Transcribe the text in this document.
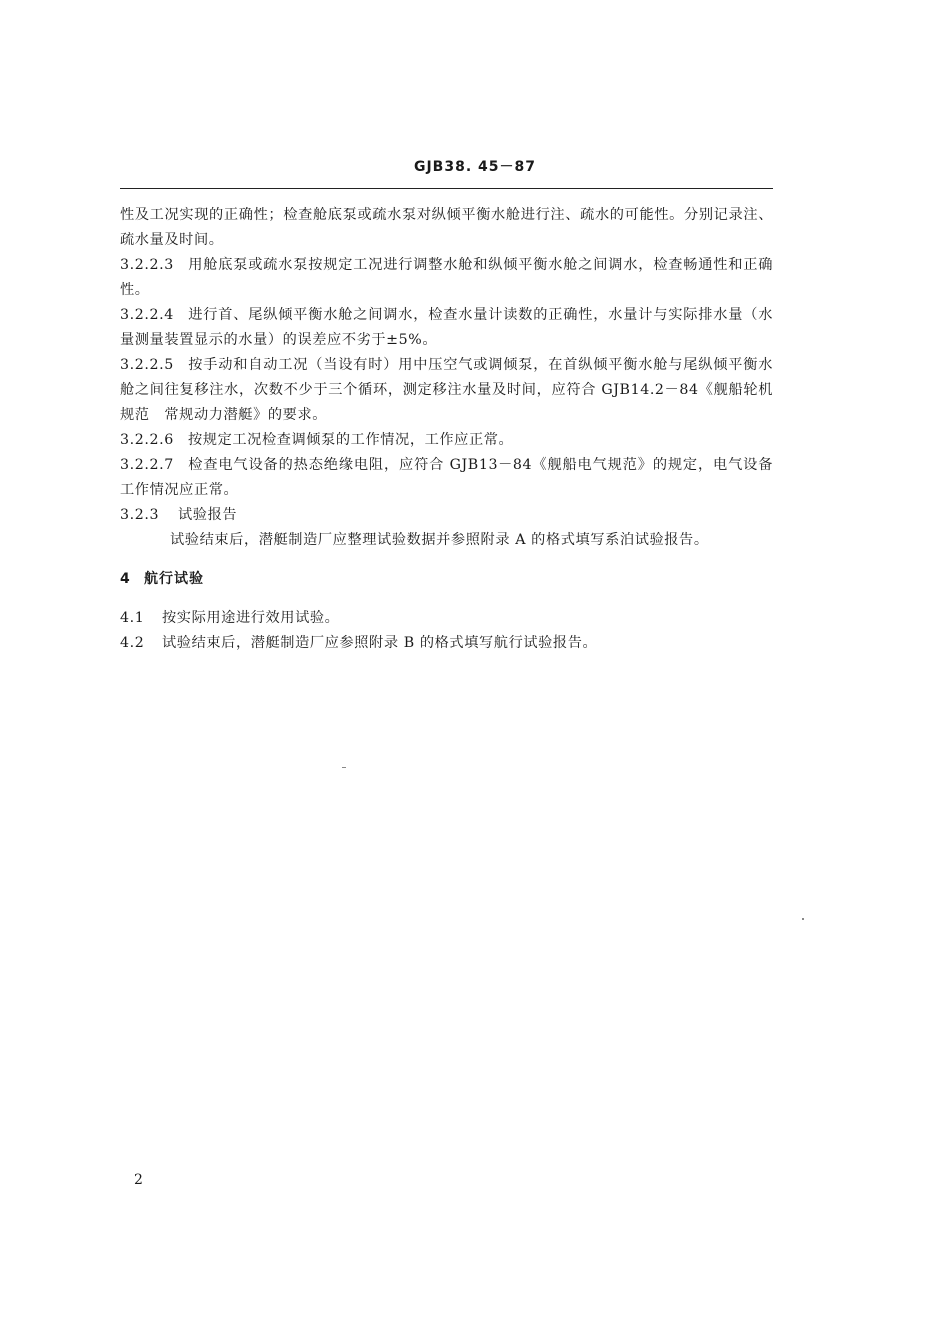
GJB38. 45－87

性及工况实现的正确性；检查舱底泵或疏水泵对纵倾平衡水舱进行注、疏水的可能性。分别记录注、疏水量及时间。

3.2.2.3 用舱底泵或疏水泵按规定工况进行调整水舱和纵倾平衡水舱之间调水，检查畅通性和正确性。

3.2.2.4 进行首、尾纵倾平衡水舱之间调水，检查水量计读数的正确性，水量计与实际排水量（水量测量装置显示的水量）的误差应不劣于±5%。

3.2.2.5 按手动和自动工况（当设有时）用中压空气或调倾泵，在首纵倾平衡水舱与尾纵倾平衡水舱之间往复移注水，次数不少于三个循环，测定移注水量及时间，应符合 GJB14.2－84《舰船轮机规范　常规动力潜艇》的要求。

3.2.2.6 按规定工况检查调倾泵的工作情况，工作应正常。

3.2.2.7 检查电气设备的热态绝缘电阻，应符合 GJB13－84《舰船电气规范》的规定，电气设备工作情况应正常。

3.2.3 试验报告

试验结束后，潜艇制造厂应整理试验数据并参照附录 A 的格式填写系泊试验报告。

4 航行试验

4.1 按实际用途进行效用试验。

4.2 试验结束后，潜艇制造厂应参照附录 B 的格式填写航行试验报告。

2
